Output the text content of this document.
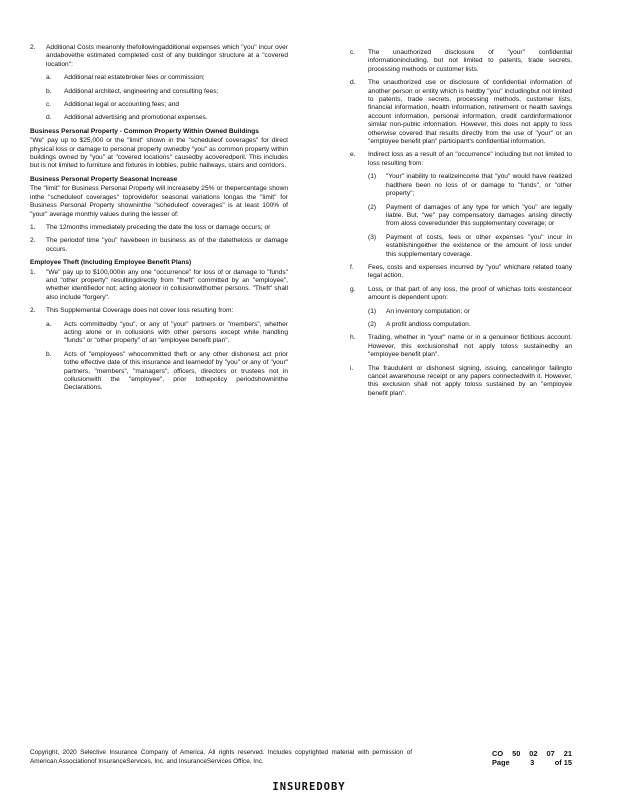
2. Additional Costs meanonly thefollowingadditional expenses which "you" incur over andabovethe estimated completed cost of any buildingor structure at a "covered location":

a. Additional real estatebroker fees or commission;

b. Additional architect, engineering and consulting fees;

c. Additional legal or accounting fees; and

d. Additional advertising and promotional expenses.

Business Personal Property - Common Property Within Owned Buildings

"We" pay up to $25,000 or the "limit" shown in the "scheduleof coverages" for direct physical loss or damage to personal property ownedby "you" as common property within buildings owned by "you" at "covered locations" causedby acoveredperil. This includes but is not limited to furniture and fixtures in lobbies, public hallways, stairs and corridors.

Business Personal Property Seasonal Increase

The "limit" for Business Personal Property will increaseby 25% or thepercentage shown inthe "scheduleof coverages" toprovidefor seasonal variations longas the "limit" for Business Personal Property showninthe "scheduleof coverages" is at least 100% of "your" average monthly values during the lesser of:

1. The 12months immediately preceding the date the loss or damage occurs; or

2. The periodof time "you" havebeen in business as of the datetheloss or damage occurs.

Employee Theft (Including Employee Benefit Plans)

1. "We" pay up to $100,000in any one "occurrence" for loss of or damage to "funds" and "other property" resultingdirectly from "theft" committed by an "employee", whether identifiedor not; acting aloneor in collusionwithother persons. "Theft" shall also include "forgery".

2. This Supplemental Coverage does not cover loss resulting from:

a. Acts committedby "you", or any of "your" partners or "members", whether acting alone or in collusions with other persons except while handling "funds" or "other property" of an "employee benefit plan".

b. Acts of "employees" whocommitted theft or any other dishonest act prior tothe effective date of this insurance and learnedof by "you" or any of "your" partners, "members", "managers", officers, directors or trustees not in collusionwith the "employee", prior tothepolicy periodshowninthe Declarations.

c. The unauthorized disclosure of "your" confidential informationincluding, but not limited to patents, trade secrets, processing methods or customer lists.

d. The unauthorized use or disclosure of confidential information of another person or entity which is heldby "you" includingbut not limited to patents, trade secrets, processing methods, customer lists, financial information, health information, retirement or health savings account information, personal information, credit cardinformationor similar non-public information. However, this does not apply to loss otherwise covered that results directly from the use of "your" or an "employee benefit plan" participant's confidential information.

e. Indirect loss as a result of an "occurrence" including but not limited to loss resulting from:

(1) "Your" inability to realizeincome that "you" would have realized hadthere been no loss of or damage to "funds", or "other property";

(2) Payment of damages of any type for which "you" are legally liable. But, "we" pay compensatory damages arising directly from aloss coveredunder this supplementary coverage; or

(3) Payment of costs, fees or other expenses "you" incur in establishingeither the existence or the amount of loss under this supplementary coverage.

f. Fees, costs and expenses incurred by "you" whichare related toany legal action.

g. Loss, or that part of any loss, the proof of whichas toits existenceor amount is dependent upon:

(1) An inventory computation; or

(2) A profit andloss computation.

h. Trading, whether in "your" name or in a genuineor fictitious account. However, this exclusionshall not apply toloss sustainedby an "employee benefit plan".

i. The fraudulent or dishonest signing, issuing, cancelingor failingto cancel awarehouse receipt or any papers connectedwith it. However, this exclusion shall not apply toloss sustained by an "employee benefit plan".

Copyright, 2020 Selective Insurance Company of America. All rights reserved. Includes copyrighted material with permission of American Associationof InsuranceServices, Inc. and InsuranceServices Office, Inc.
CO 50 02 07 21
Page	3	of 15
INSUREDOBY
